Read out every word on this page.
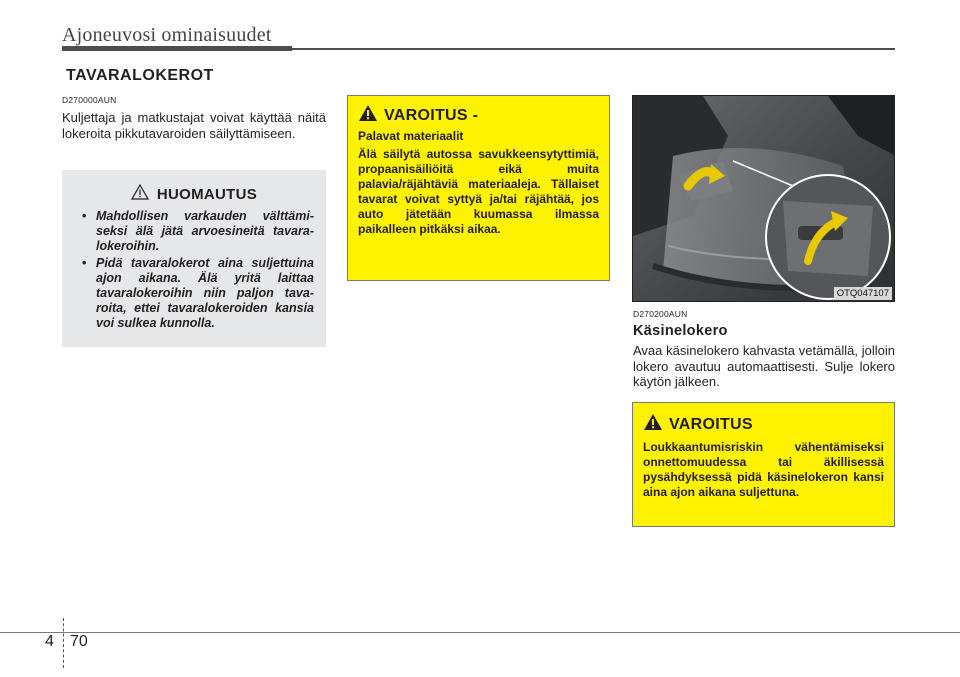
Ajoneuvosi ominaisuudet
TAVARALOKEROT
D270000AUN
Kuljettaja ja matkustajat voivat käyttää näitä lokeroita pikkutavaroiden säilyttämiseen.
HUOMAUTUS
• Mahdollisen varkauden välttämiseksi älä jätä arvoesineitä tavaralokeroihin.
• Pidä tavaralokerot aina suljettuina ajon aikana. Älä yritä laittaa tavaralokeroihin niin paljon tavaroita, ettei tavaralokeroiden kansia voi sulkea kunnolla.
VAROITUS -
Palavat materiaalit
Älä säilytä autossa savukkeensytyttimiä, propaanisäiliöitä eikä muita palavia/räjähtäviä materiaaleja. Tällaiset tavarat voivat syttyä ja/tai räjähtää, jos auto jätetään kuumassa ilmassa paikalleen pitkäksi aikaa.
OTQ047107
D270200AUN
Käsinelokero
Avaa käsinelokero kahvasta vetämällä, jolloin lokero avautuu automaattisesti. Sulje lokero käytön jälkeen.
VAROITUS
Loukkaantumisriskin vähentämiseksi onnettomuudessa tai äkillisessä pysähdyksessä pidä käsinelokeron kansi aina ajon aikana suljettuna.
4 70
